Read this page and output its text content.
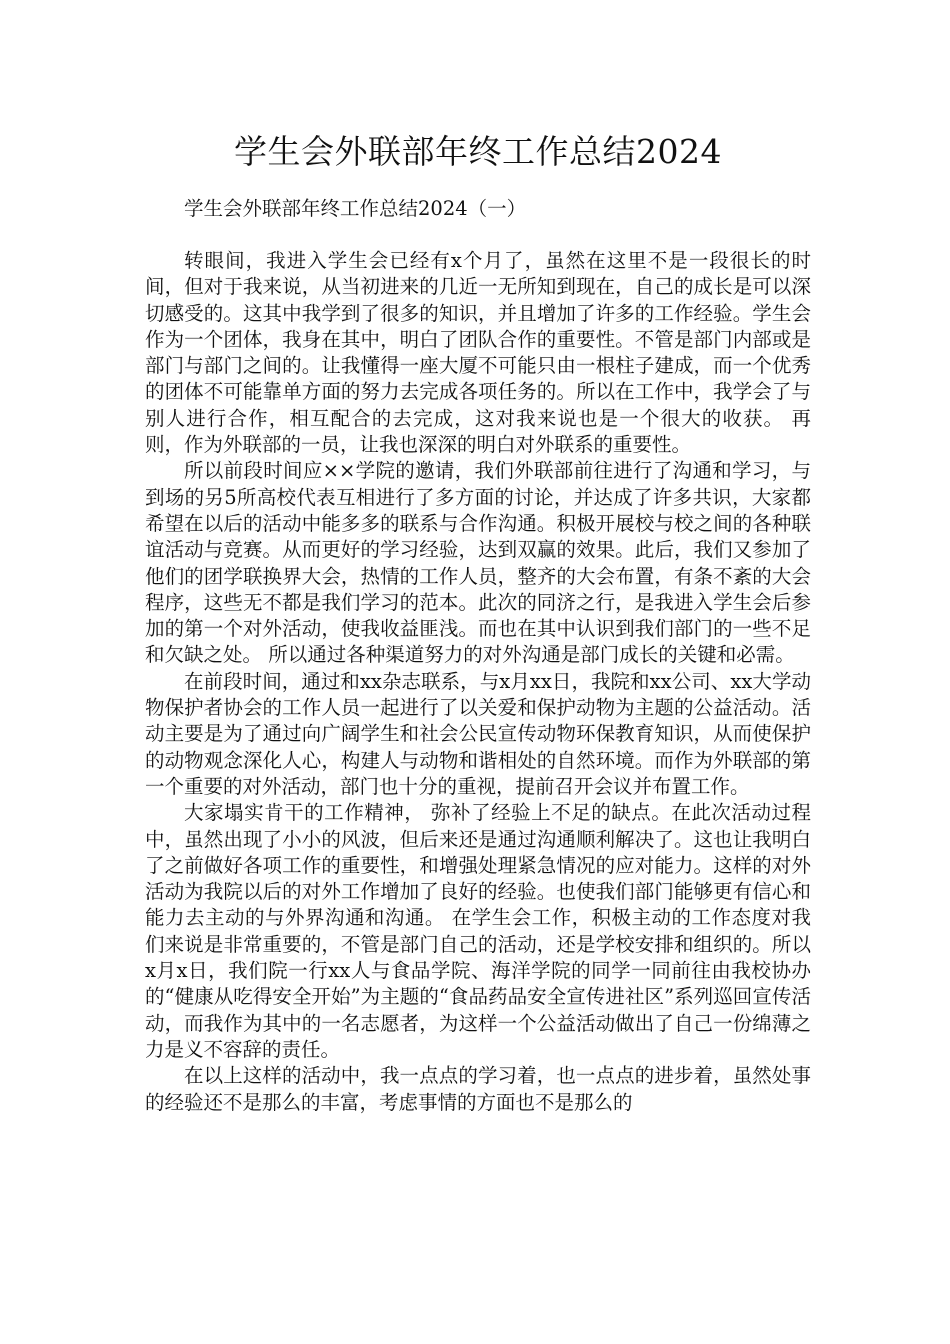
学生会外联部年终工作总结2024

学生会外联部年终工作总结2024（一）

转眼间，我进入学生会已经有x个月了，虽然在这里不是一段很长的时间，但对于我来说，从当初进来的几近一无所知到现在，自己的成长是可以深切感受的。这其中我学到了很多的知识，并且增加了许多的工作经验。学生会作为一个团体，我身在其中，明白了团队合作的重要性。不管是部门内部或是部门与部门之间的。让我懂得一座大厦不可能只由一根柱子建成，而一个优秀的团体不可能靠单方面的努力去完成各项任务的。所以在工作中，我学会了与别人进行合作，相互配合的去完成，这对我来说也是一个很大的收获。 再则，作为外联部的一员，让我也深深的明白对外联系的重要性。

所以前段时间应××学院的邀请，我们外联部前往进行了沟通和学习，与到场的另5所高校代表互相进行了多方面的讨论，并达成了许多共识，大家都希望在以后的活动中能多多的联系与合作沟通。积极开展校与校之间的各种联谊活动与竞赛。从而更好的学习经验，达到双赢的效果。此后，我们又参加了他们的团学联换界大会，热情的工作人员，整齐的大会布置，有条不紊的大会程序，这些无不都是我们学习的范本。此次的同济之行，是我进入学生会后参加的第一个对外活动，使我收益匪浅。而也在其中认识到我们部门的一些不足和欠缺之处。 所以通过各种渠道努力的对外沟通是部门成长的关键和必需。

在前段时间，通过和xx杂志联系，与x月xx日，我院和xx公司、xx大学动物保护者协会的工作人员一起进行了以关爱和保护动物为主题的公益活动。活动主要是为了通过向广阔学生和社会公民宣传动物环保教育知识，从而使保护的动物观念深化人心，构建人与动物和谐相处的自然环境。而作为外联部的第一个重要的对外活动，部门也十分的重视，提前召开会议并布置工作。

大家塌实肯干的工作精神， 弥补了经验上不足的缺点。在此次活动过程中，虽然出现了小小的风波，但后来还是通过沟通顺利解决了。这也让我明白了之前做好各项工作的重要性，和增强处理紧急情况的应对能力。这样的对外活动为我院以后的对外工作增加了良好的经验。也使我们部门能够更有信心和能力去主动的与外界沟通和沟通。 在学生会工作，积极主动的工作态度对我们来说是非常重要的，不管是部门自己的活动，还是学校安排和组织的。所以x月x日，我们院一行xx人与食品学院、海洋学院的同学一同前往由我校协办的“健康从吃得安全开始”为主题的“食品药品安全宣传进社区”系列巡回宣传活动，而我作为其中的一名志愿者，为这样一个公益活动做出了自己一份绵薄之力是义不容辞的责任。

在以上这样的活动中，我一点点的学习着，也一点点的进步着，虽然处事的经验还不是那么的丰富，考虑事情的方面也不是那么的
